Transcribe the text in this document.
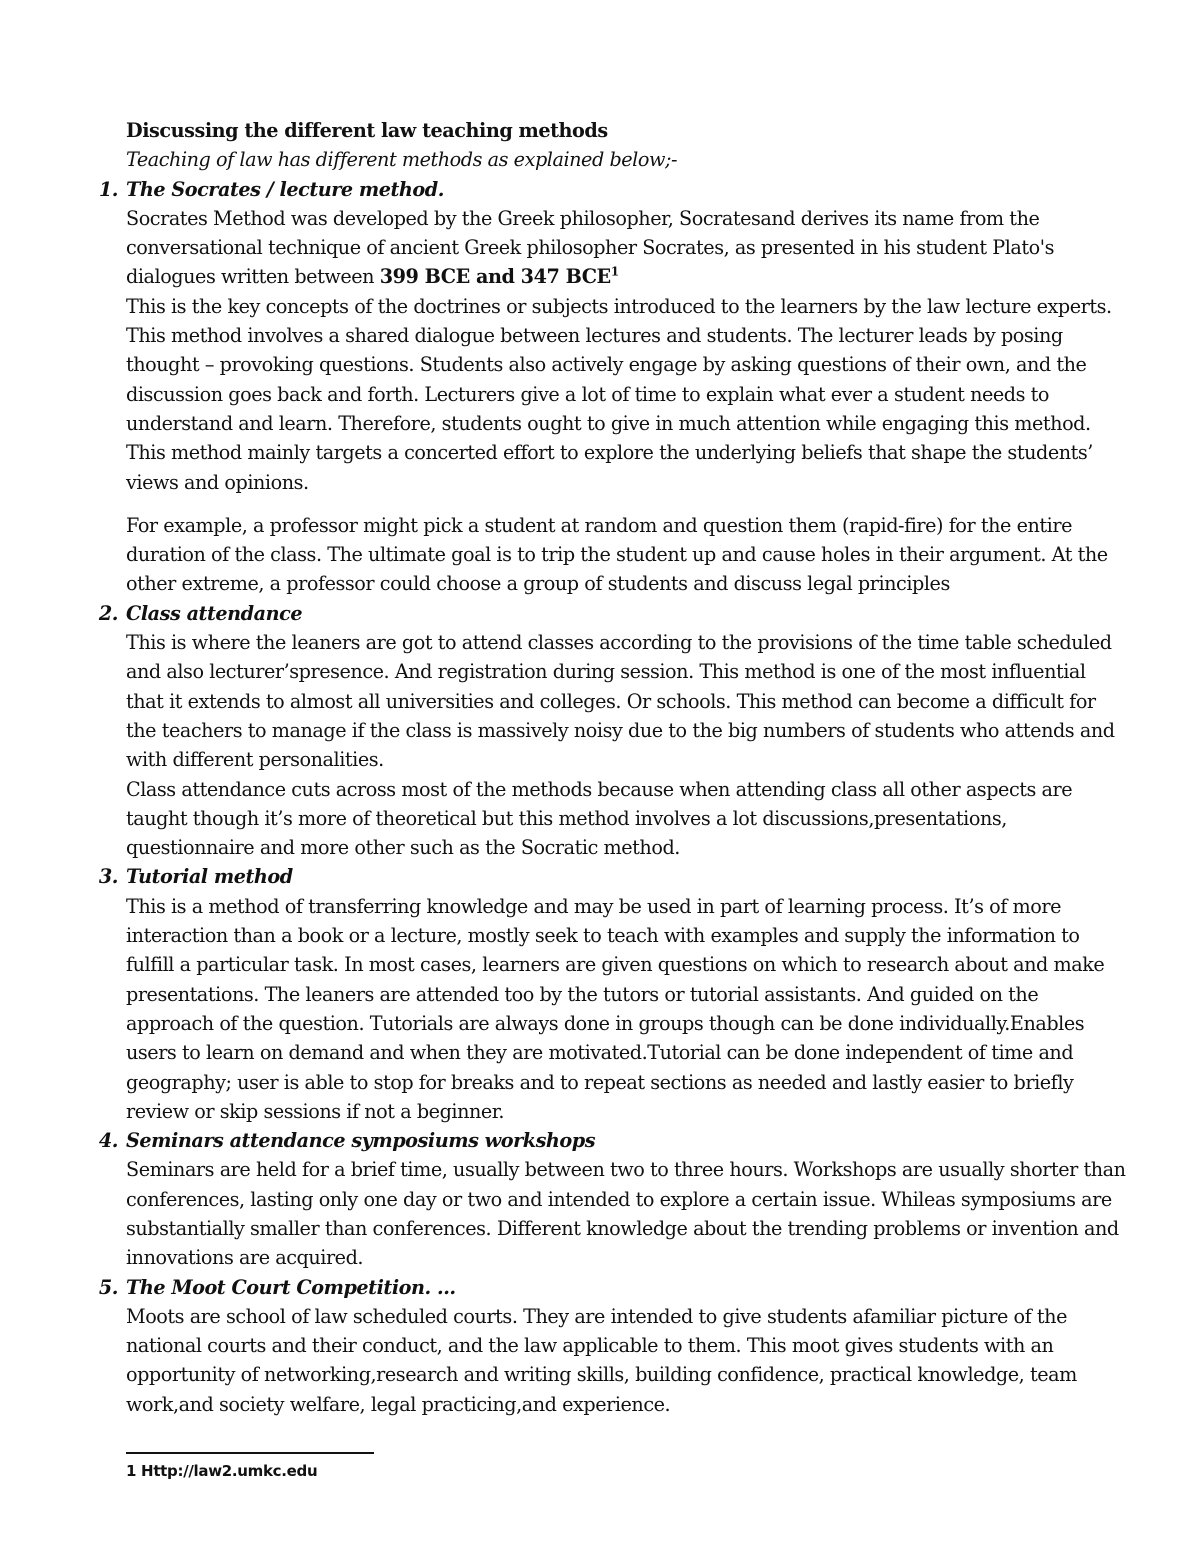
Discussing the different law teaching methods

Teaching of law has different methods as explained below;-

1. The Socrates / lecture method.

Socrates Method was developed by the Greek philosopher, Socratesand derives its name from the conversational technique of ancient Greek philosopher Socrates, as presented in his student Plato's dialogues written between 399 BCE and 347 BCE$^1$

This is the key concepts of the doctrines or subjects introduced to the learners by the law lecture experts. This method involves a shared dialogue between lectures and students. The lecturer leads by posing thought – provoking questions. Students also actively engage by asking questions of their own, and the discussion goes back and forth. Lecturers give a lot of time to explain what ever a student needs to understand and learn. Therefore, students ought to give in much attention while engaging this method. This method mainly targets a concerted effort to explore the underlying beliefs that shape the students’ views and opinions.

For example, a professor might pick a student at random and question them (rapid-fire) for the entire duration of the class. The ultimate goal is to trip the student up and cause holes in their argument. At the other extreme, a professor could choose a group of students and discuss legal principles

2. Class attendance

This is where the leaners are got to attend classes according to the provisions of the time table scheduled and also lecturer’spresence. And registration during session. This method is one of the most influential that it extends to almost all universities and colleges. Or schools. This method can become a difficult for the teachers to manage if the class is massively noisy due to the big numbers of students who attends and with different personalities.

Class attendance cuts across most of the methods because when attending class all other aspects are taught though it’s more of theoretical but this method involves a lot discussions,presentations, questionnaire and more other such as the Socratic method.

3. Tutorial method

This is a method of transferring knowledge and may be used in part of learning process. It’s of more interaction than a book or a lecture, mostly seek to teach with examples and supply the information to fulfill a particular task. In most cases, learners are given questions on which to research about and make presentations. The leaners are attended too by the tutors or tutorial assistants. And guided on the approach of the question. Tutorials are always done in groups though can be done individually.Enables users to learn on demand and when they are motivated.Tutorial can be done independent of time and geography; user is able to stop for breaks and to repeat sections as needed and lastly easier to briefly review or skip sessions if not a beginner.

4. Seminars attendance symposiums workshops

Seminars are held for a brief time, usually between two to three hours. Workshops are usually shorter than conferences, lasting only one day or two and intended to explore a certain issue. Whileas symposiums are substantially smaller than conferences. Different knowledge about the trending problems or invention and innovations are acquired.

5. The Moot Court Competition. ...

Moots are school of law scheduled courts. They are intended to give students afamiliar picture of the national courts and their conduct, and the law applicable to them. This moot gives students with an opportunity of networking,research and writing skills, building confidence, practical knowledge, team work,and society welfare, legal practicing,and experience.

1 Http://law2.umkc.edu
